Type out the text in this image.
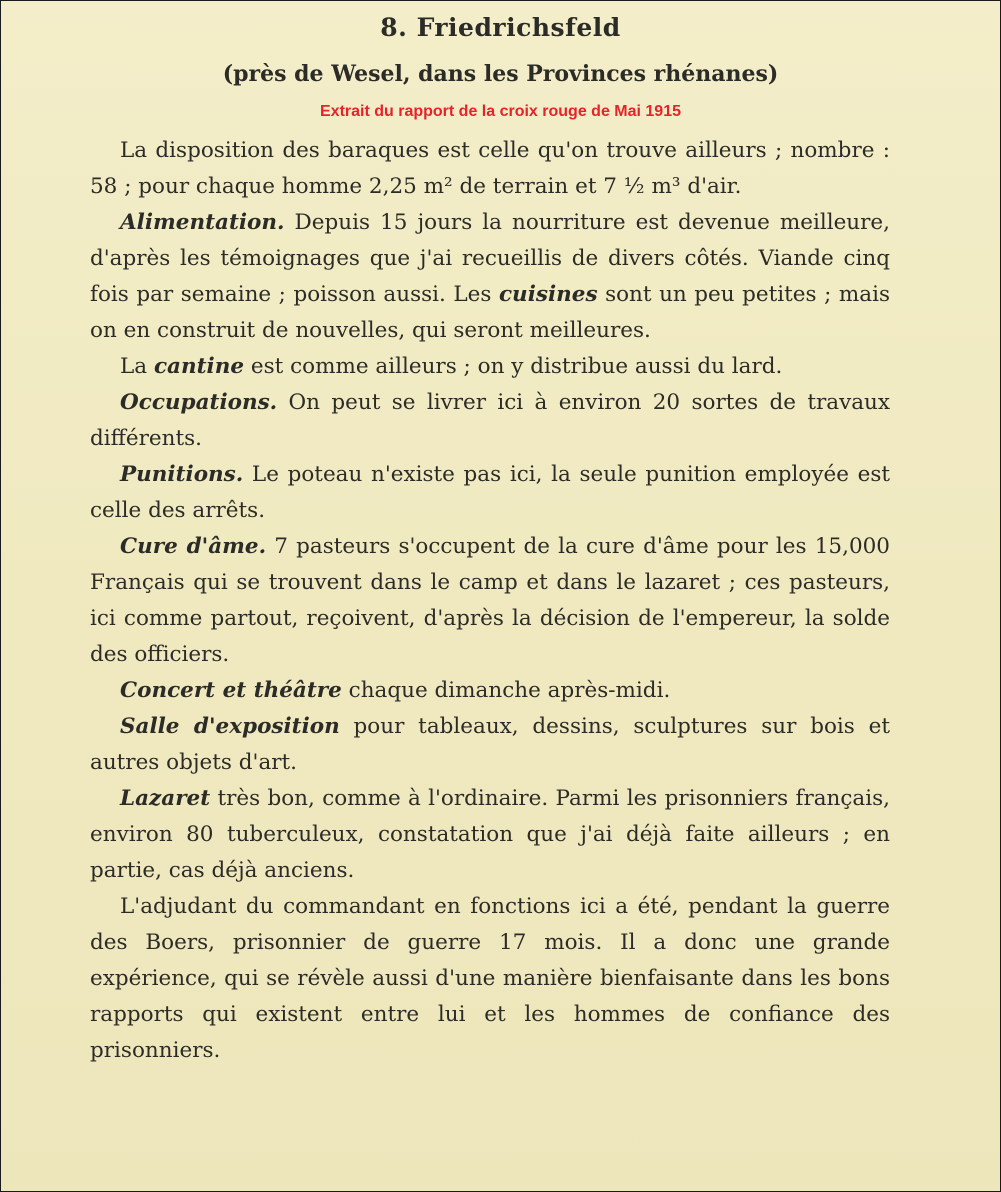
8. Friedrichsfeld
(près de Wesel, dans les Provinces rhénanes)
Extrait du rapport de la croix rouge de Mai 1915

La disposition des baraques est celle qu'on trouve ailleurs ; nombre : 58 ; pour chaque homme 2,25 m² de terrain et 7 ½ m³ d'air.

Alimentation. Depuis 15 jours la nourriture est devenue meilleure, d'après les témoignages que j'ai recueillis de divers côtés. Viande cinq fois par semaine ; poisson aussi. Les cuisines sont un peu petites ; mais on en construit de nouvelles, qui seront meilleures.

La cantine est comme ailleurs ; on y distribue aussi du lard.

Occupations. On peut se livrer ici à environ 20 sortes de travaux différents.

Punitions. Le poteau n'existe pas ici, la seule punition employée est celle des arrêts.

Cure d'âme. 7 pasteurs s'occupent de la cure d'âme pour les 15,000 Français qui se trouvent dans le camp et dans le lazaret ; ces pasteurs, ici comme partout, reçoivent, d'après la décision de l'empereur, la solde des officiers.

Concert et théâtre chaque dimanche après-midi.

Salle d'exposition pour tableaux, dessins, sculptures sur bois et autres objets d'art.

Lazaret très bon, comme à l'ordinaire. Parmi les prisonniers français, environ 80 tuberculeux, constatation que j'ai déjà faite ailleurs ; en partie, cas déjà anciens.

L'adjudant du commandant en fonctions ici a été, pendant la guerre des Boers, prisonnier de guerre 17 mois. Il a donc une grande expérience, qui se révèle aussi d'une manière bienfaisante dans les bons rapports qui existent entre lui et les hommes de confiance des prisonniers.
